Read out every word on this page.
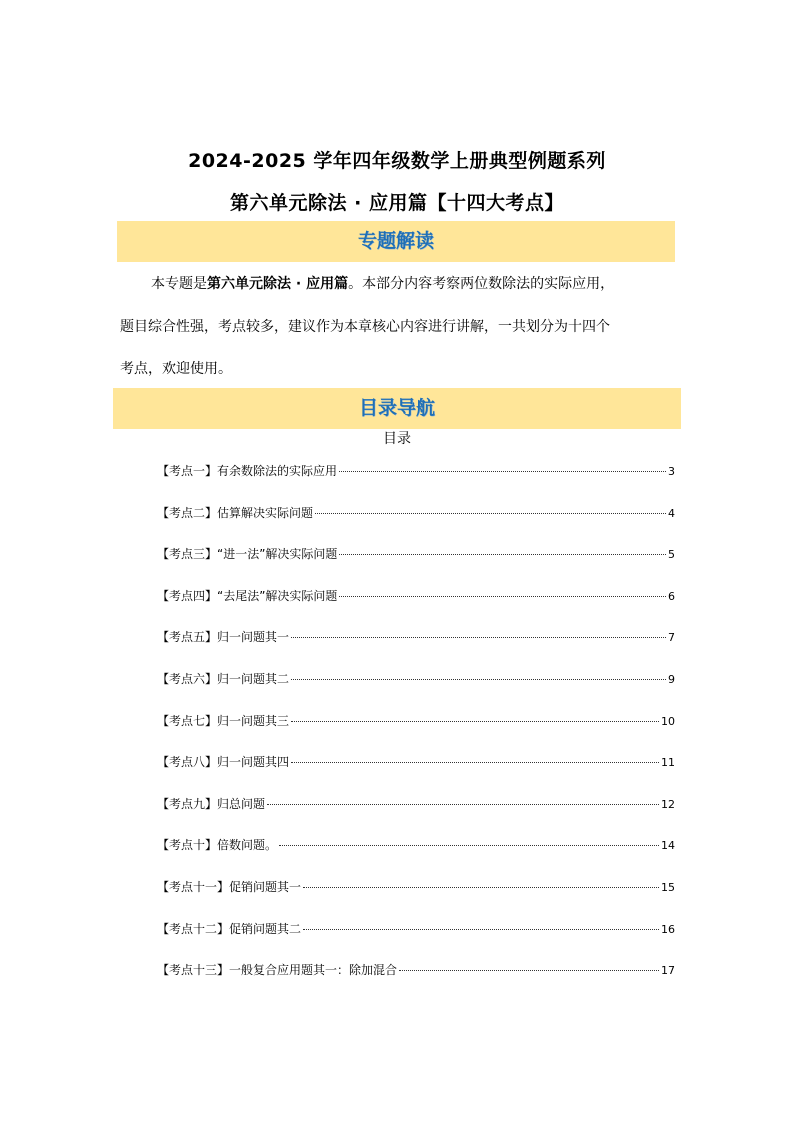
2024-2025 学年四年级数学上册典型例题系列
第六单元除法 · 应用篇【十四大考点】
专题解读
本专题是第六单元除法 · 应用篇。本部分内容考察两位数除法的实际应用，
题目综合性强，考点较多，建议作为本章核心内容进行讲解，一共划分为十四个
考点，欢迎使用。
目录导航
目录
【考点一】有余数除法的实际应用	3
【考点二】估算解决实际问题	4
【考点三】“进一法”解决实际问题	5
【考点四】“去尾法”解决实际问题	6
【考点五】归一问题其一	7
【考点六】归一问题其二	9
【考点七】归一问题其三	10
【考点八】归一问题其四	11
【考点九】归总问题	12
【考点十】倍数问题。	14
【考点十一】促销问题其一	15
【考点十二】促销问题其二	16
【考点十三】一般复合应用题其一：除加混合	17
